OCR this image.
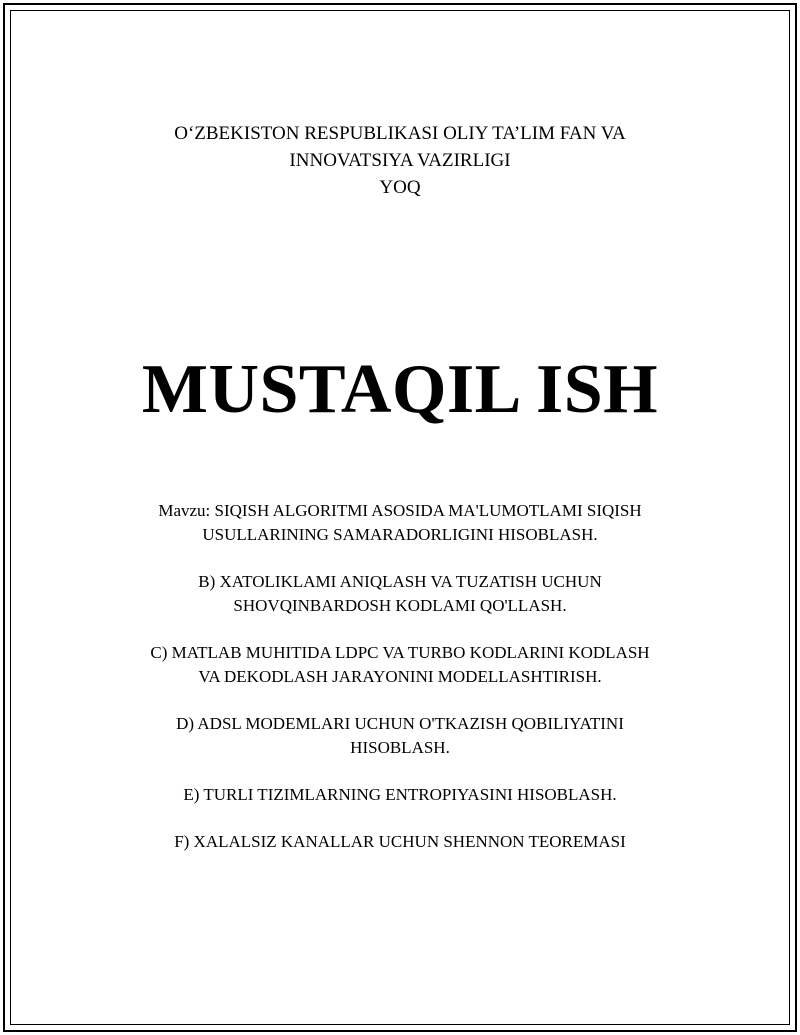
O‘ZBEKISTON RESPUBLIKASI OLIY TA’LIM FAN VA
INNOVATSIYA VAZIRLIGI
YOQ
MUSTAQIL ISH
Mavzu: SIQISH ALGORITMI ASOSIDA MA'LUMOTLAMI SIQISH
USULLARINING SAMARADORLIGINI HISOBLASH.
B) XATOLIKLAMI ANIQLASH VA TUZATISH UCHUN
SHOVQINBARDOSH KODLAMI QO'LLASH.
C) MATLAB MUHITIDA LDPC VA TURBO KODLARINI KODLASH
VA DEKODLASH JARAYONINI MODELLASHTIRISH.
D) ADSL MODEMLARI UCHUN O'TKAZISH QOBILIYATINI
HISOBLASH.
E) TURLI TIZIMLARNING ENTROPIYASINI HISOBLASH.
F) XALALSIZ KANALLAR UCHUN SHENNON TEOREMASI
